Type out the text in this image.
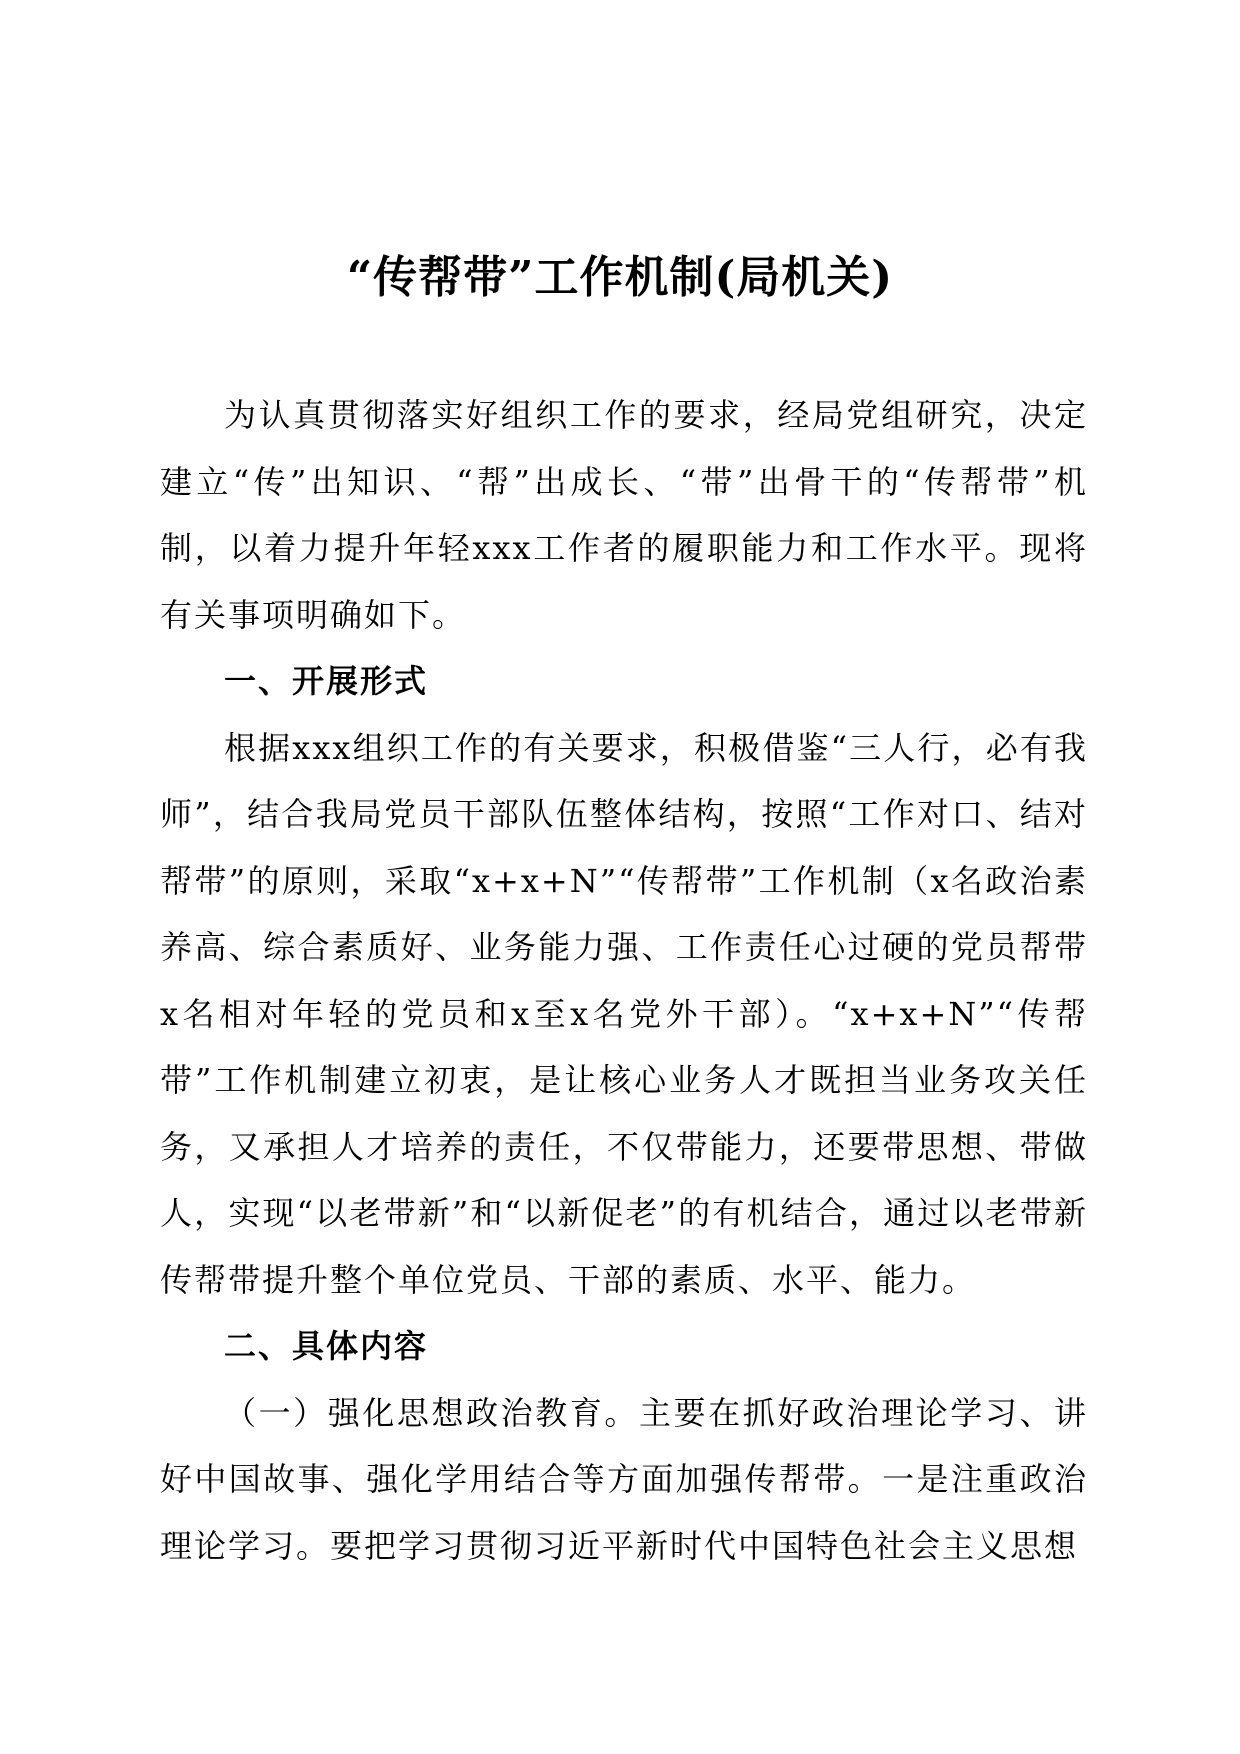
“传帮带”工作机制(局机关)

为认真贯彻落实好组织工作的要求，经局党组研究，决定建立“传”出知识、“帮”出成长、“带”出骨干的“传帮带”机制，以着力提升年轻xxx工作者的履职能力和工作水平。现将有关事项明确如下。

一、开展形式

根据xxx组织工作的有关要求，积极借鉴“三人行，必有我师”，结合我局党员干部队伍整体结构，按照“工作对口、结对帮带”的原则，采取“x+x+N”“传帮带”工作机制（x名政治素养高、综合素质好、业务能力强、工作责任心过硬的党员帮带x名相对年轻的党员和x至x名党外干部）。“x+x+N”“传帮带”工作机制建立初衷，是让核心业务人才既担当业务攻关任务，又承担人才培养的责任，不仅带能力，还要带思想、带做人，实现“以老带新”和“以新促老”的有机结合，通过以老带新传帮带提升整个单位党员、干部的素质、水平、能力。

二、具体内容

（一）强化思想政治教育。主要在抓好政治理论学习、讲好中国故事、强化学用结合等方面加强传帮带。一是注重政治理论学习。要把学习贯彻习近平新时代中国特色社会主义思想
